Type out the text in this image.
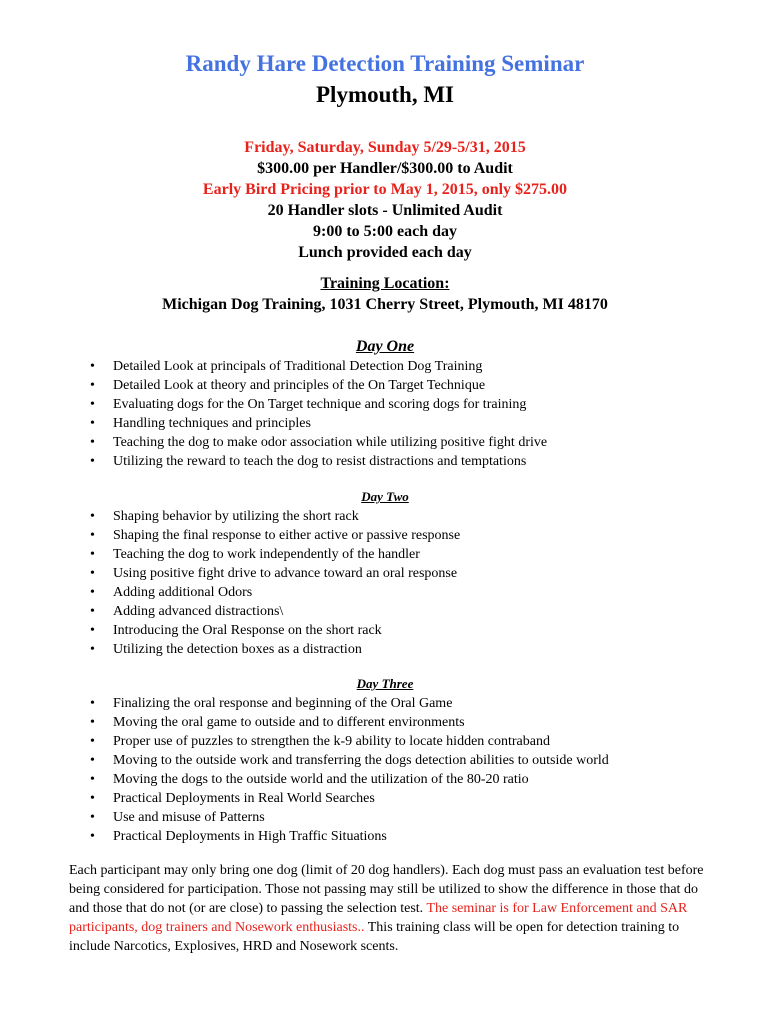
Randy Hare Detection Training Seminar
Plymouth, MI
Friday, Saturday, Sunday 5/29-5/31, 2015
$300.00 per Handler/$300.00 to Audit
Early Bird Pricing prior to May 1, 2015, only $275.00
20 Handler slots - Unlimited Audit
9:00 to 5:00 each day
Lunch provided each day
Training Location:
Michigan Dog Training, 1031 Cherry Street, Plymouth, MI 48170
Day One
• Detailed Look at principals of Traditional Detection Dog Training
• Detailed Look at theory and principles of the On Target Technique
• Evaluating dogs for the On Target technique and scoring dogs for training
• Handling techniques and principles
• Teaching the dog to make odor association while utilizing positive fight drive
• Utilizing the reward to teach the dog to resist distractions and temptations
Day Two
• Shaping behavior by utilizing the short rack
• Shaping the final response to either active or passive response
• Teaching the dog to work independently of the handler
• Using positive fight drive to advance toward an oral response
• Adding additional Odors
• Adding advanced distractions\
• Introducing the Oral Response on the short rack
• Utilizing the detection boxes as a distraction
Day Three
• Finalizing the oral response and beginning of the Oral Game
• Moving the oral game to outside and to different environments
• Proper use of puzzles to strengthen the k-9 ability to locate hidden contraband
• Moving to the outside work and transferring the dogs detection abilities to outside world
• Moving the dogs to the outside world and the utilization of the 80-20 ratio
• Practical Deployments in Real World Searches
• Use and misuse of Patterns
• Practical Deployments in High Traffic Situations
Each participant may only bring one dog (limit of 20 dog handlers). Each dog must pass an evaluation test before being considered for participation. Those not passing may still be utilized to show the difference in those that do and those that do not (or are close) to passing the selection test. The seminar is for Law Enforcement and SAR participants, dog trainers and Nosework enthusiasts.. This training class will be open for detection training to include Narcotics, Explosives, HRD and Nosework scents.
